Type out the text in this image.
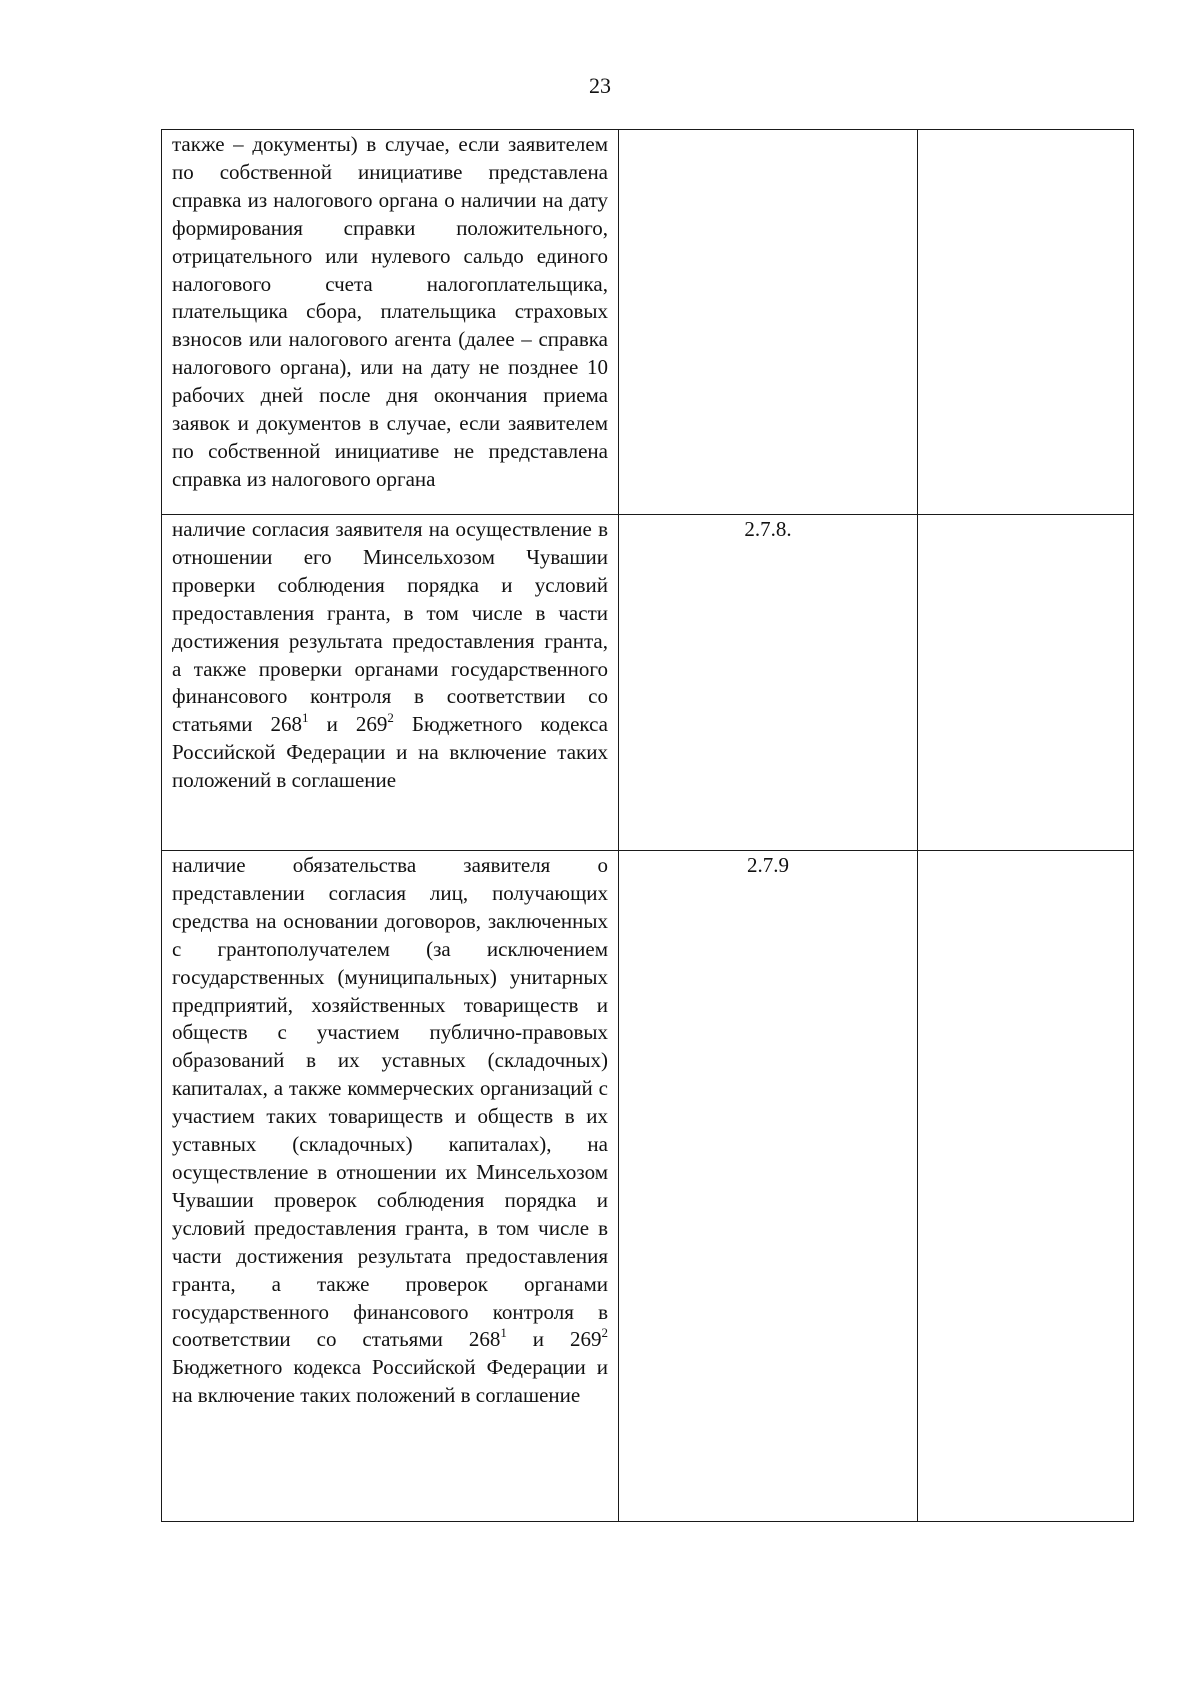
23
также – документы) в случае, если заявителем по собственной инициативе представлена справка из налогового органа о наличии на дату формирования справки положительного, отрицательного или нулевого сальдо единого налогового счета налогоплательщика, плательщика сбора, плательщика страховых взносов или налогового агента (далее – справка налогового органа), или на дату не позднее 10 рабочих дней после дня окончания приема заявок и документов в случае, если заявителем по собственной инициативе не представлена справка из налогового органа		

наличие согласия заявителя на осуществление в отношении его Минсельхозом Чувашии проверки соблюдения порядка и условий предоставления гранта, в том числе в части достижения результата предоставления гранта, а также проверки органами государственного финансового контроля в соответствии со статьями $268^1$ и $269^2$ Бюджетного кодекса Российской Федерации и на включение таких положений в соглашение	2.7.8.	

наличие обязательства заявителя о представлении согласия лиц, получающих средства на основании договоров, заключенных с грантополучателем (за исключением государственных (муниципальных) унитарных предприятий, хозяйственных товариществ и обществ с участием публично-правовых образований в их уставных (складочных) капиталах, а также коммерческих организаций с участием таких товариществ и обществ в их уставных (складочных) капиталах), на осуществление в отношении их Минсельхозом Чувашии проверок соблюдения порядка и условий предоставления гранта, в том числе в части достижения результата предоставления гранта, а также проверок органами государственного финансового контроля в соответствии со статьями $268^1$ и $269^2$ Бюджетного кодекса Российской Федерации и на включение таких положений в соглашение	2.7.9	
